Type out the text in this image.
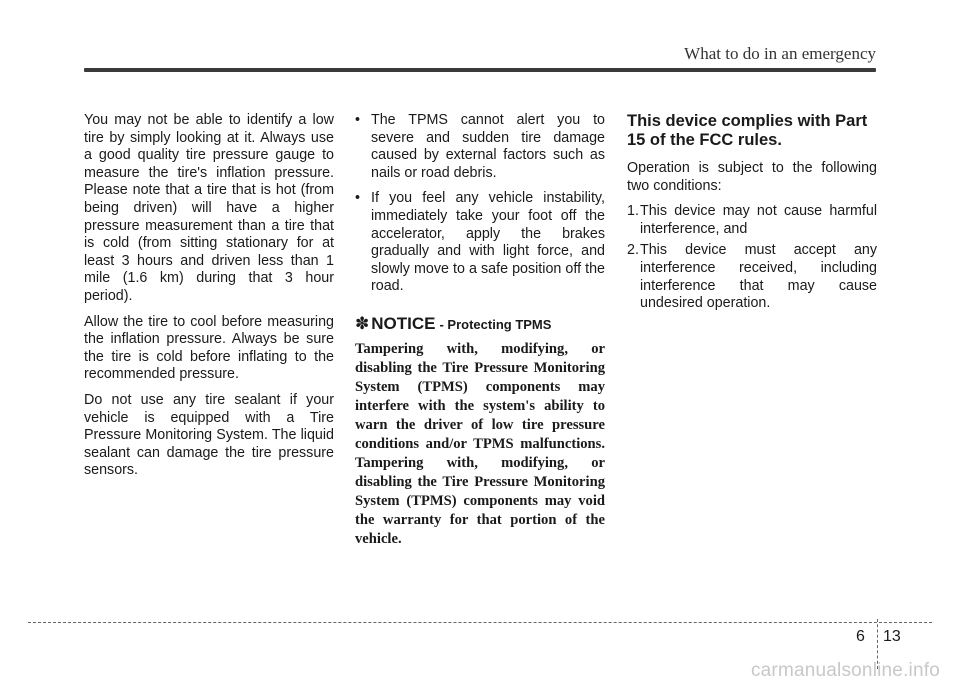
What to do in an emergency

You may not be able to identify a low tire by simply looking at it. Always use a good quality tire pressure gauge to measure the tire's inflation pressure. Please note that a tire that is hot (from being driven) will have a higher pressure measurement than a tire that is cold (from sitting stationary for at least 3 hours and driven less than 1 mile (1.6 km) during that 3 hour period).

Allow the tire to cool before measuring the inflation pressure. Always be sure the tire is cold before inflating to the recommended pressure.

Do not use any tire sealant if your vehicle is equipped with a Tire Pressure Monitoring System. The liquid sealant can damage the tire pressure sensors.

• The TPMS cannot alert you to severe and sudden tire damage caused by external factors such as nails or road debris.

• If you feel any vehicle instability, immediately take your foot off the accelerator, apply the brakes gradually and with light force, and slowly move to a safe position off the road.

✽ NOTICE - Protecting TPMS

Tampering with, modifying, or disabling the Tire Pressure Monitoring System (TPMS) components may interfere with the system's ability to warn the driver of low tire pressure conditions and/or TPMS malfunctions. Tampering with, modifying, or disabling the Tire Pressure Monitoring System (TPMS) components may void the warranty for that portion of the vehicle.

This device complies with Part 15 of the FCC rules.

Operation is subject to the following two conditions:

1. This device may not cause harmful interference, and

2. This device must accept any interference received, including interference that may cause undesired operation.

6 13
carmanualsonline.info
